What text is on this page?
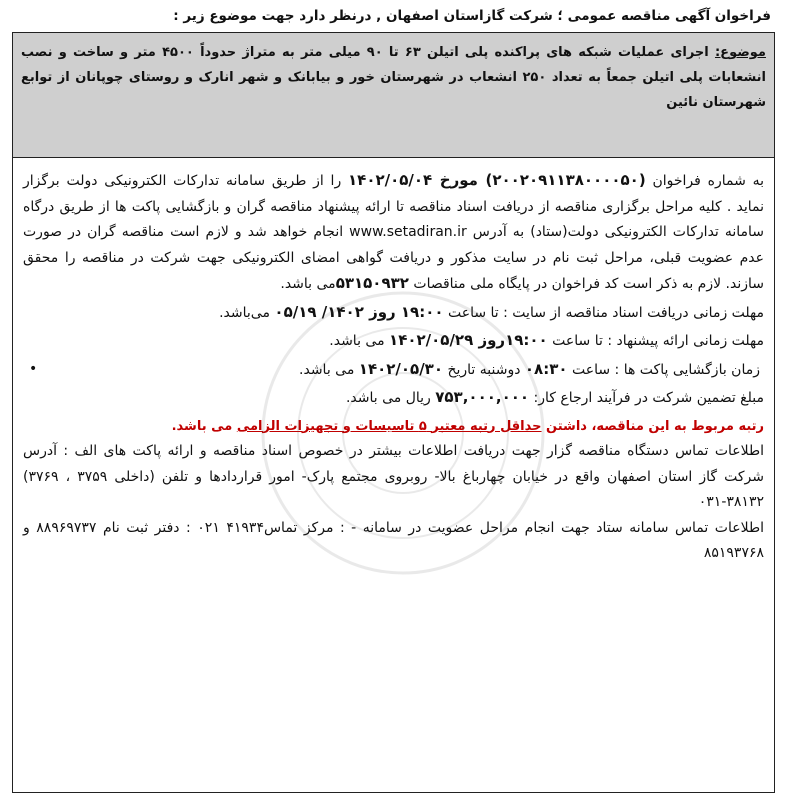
فراخوان آگهی مناقصه عمومی ؛ شرکت گازاستان اصفهان , درنظر دارد جهت موضوع زیر :
موضوع: اجرای عملیات شبکه های پراکنده پلی اتیلن ۶۳ تا ۹۰ میلی متر به متراژ حدوداً ۴۵۰۰ متر و ساخت و نصب انشعابات پلی اتیلن جمعاً به تعداد ۲۵۰ انشعاب در شهرستان خور و بیابانک و شهر انارک و روستای چوپانان از توابع شهرستان نائین

به شماره فراخوان (۲۰۰۲۰۹۱۱۳۸۰۰۰۰۵۰) مورخ ۱۴۰۲/۰۵/۰۴ را از طریق سامانه تدارکات الکترونیکی دولت برگزار نماید . کلیه مراحل برگزاری مناقصه از دریافت اسناد مناقصه تا ارائه پیشنهاد مناقصه گران و بازگشایی پاکت ها از طریق درگاه سامانه تدارکات الکترونیکی دولت(ستاد) به آدرس www.setadiran.ir انجام خواهد شد و لازم است مناقصه گران در صورت عدم عضویت قبلی، مراحل ثبت نام در سایت مذکور و دریافت گواهی امضای الکترونیکی جهت شرکت در مناقصه را محقق سازند. لازم به ذکر است کد فراخوان در پایگاه ملی مناقصات ۵۳۱۵۰۹۳۲می باشد.

مهلت زمانی دریافت اسناد مناقصه از سایت : تا ساعت ۱۹:۰۰ روز ۱۴۰۲/ ۰۵/۱۹ می‌باشد.

مهلت زمانی ارائه پیشنهاد : تا ساعت ۱۹:۰۰روز ۱۴۰۲/۰۵/۲۹ می باشد.

زمان بازگشایی پاکت ها : ساعت ۰۸:۳۰ دوشنبه تاریخ ۱۴۰۲/۰۵/۳۰ می باشد.
•

مبلغ تضمین شرکت در فرآیند ارجاع کار: ۷۵۳,۰۰۰,۰۰۰ ریال می باشد.

رتبه مربوط به این مناقصه، داشتن حداقل رتبه معتبر ۵ تاسیسات و تجهیزات الزامی می باشد.

اطلاعات تماس دستگاه مناقصه گزار جهت دریافت اطلاعات بیشتر در خصوص اسناد مناقصه و ارائه پاکت های الف : آدرس شرکت گاز استان اصفهان واقع در خیابان چهارباغ بالا- روبروی مجتمع پارک- امور قراردادها و تلفن (داخلی ۳۷۵۹ ، ۳۷۶۹) ۳۸۱۳۲-۰۳۱

اطلاعات تماس سامانه ستاد جهت انجام مراحل عضویت در سامانه - : مرکز تماس۴۱۹۳۴ ۰۲۱ : دفتر ثبت نام ۸۸۹۶۹۷۳۷ و ۸۵۱۹۳۷۶۸
